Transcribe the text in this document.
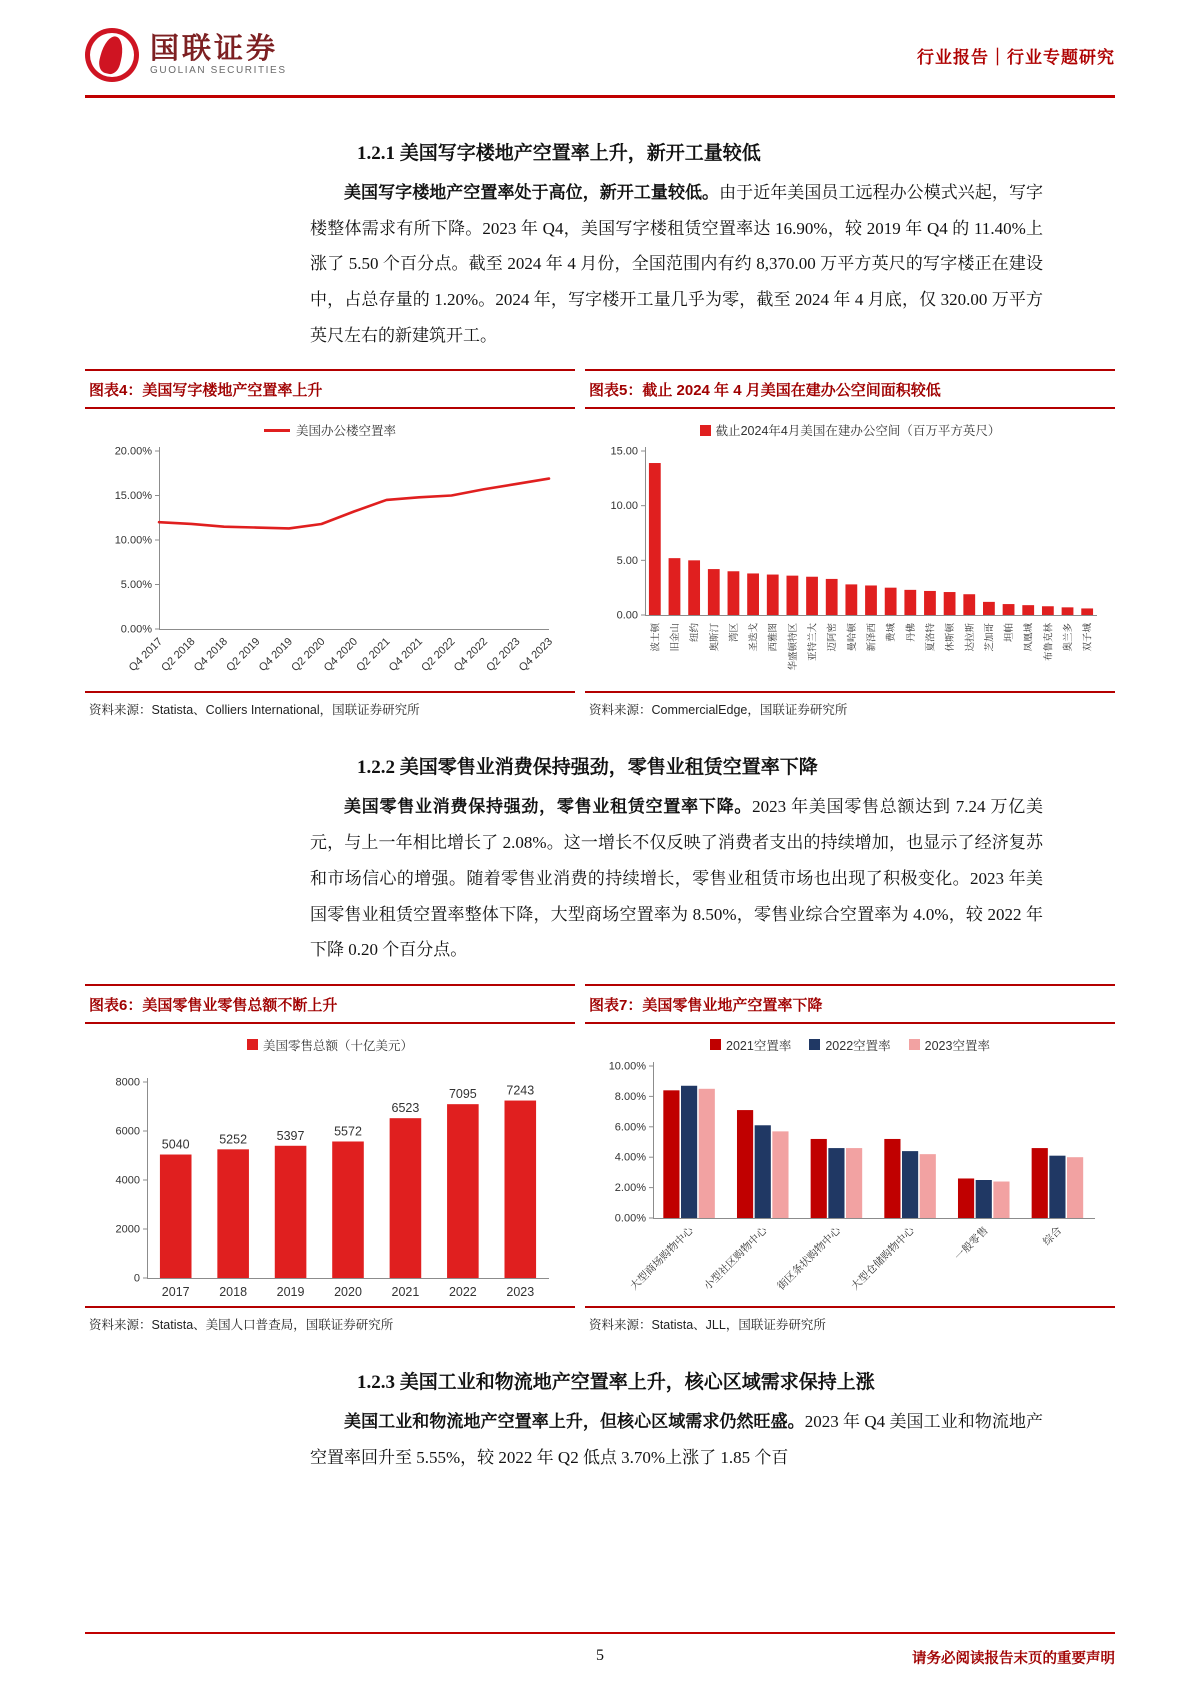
国联证券
GUOLIAN SECURITIES
行业报告｜行业专题研究
1.2.1 美国写字楼地产空置率上升，新开工量较低

美国写字楼地产空置率处于高位，新开工量较低。由于近年美国员工远程办公模式兴起，写字楼整体需求有所下降。2023 年 Q4，美国写字楼租赁空置率达 16.90%，较 2019 年 Q4 的 11.40%上涨了 5.50 个百分点。截至 2024 年 4 月份，全国范围内有约 8,370.00 万平方英尺的写字楼正在建设中，占总存量的 1.20%。2024 年，写字楼开工量几乎为零，截至 2024 年 4 月底，仅 320.00 万平方英尺左右的新建筑开工。

图表4：美国写字楼地产空置率上升
美国办公楼空置率
0.00%
5.00%
10.00%
15.00%
20.00%
Q4 2017
Q2 2018
Q4 2018
Q2 2019
Q4 2019
Q2 2020
Q4 2020
Q2 2021
Q4 2021
Q2 2022
Q4 2022
Q2 2023
Q4 2023
资料来源：Statista、Colliers International，国联证券研究所
图表5：截止 2024 年 4 月美国在建办公空间面积较低
截止2024年4月美国在建办公空间（百万平方英尺）
0.00
5.00
10.00
15.00
波士顿 旧金山 纽约 奥斯汀 湾区 圣迭戈 西雅图 华盛顿特区 亚特兰大 迈阿密 曼哈顿 新泽西 费城 丹佛 夏洛特 休斯顿 达拉斯 芝加哥 坦帕 凤凰城 布鲁克林 奥兰多 双子城
资料来源：CommercialEdge，国联证券研究所
1.2.2 美国零售业消费保持强劲，零售业租赁空置率下降

美国零售业消费保持强劲，零售业租赁空置率下降。2023 年美国零售总额达到 7.24 万亿美元，与上一年相比增长了 2.08%。这一增长不仅反映了消费者支出的持续增加，也显示了经济复苏和市场信心的增强。随着零售业消费的持续增长，零售业租赁市场也出现了积极变化。2023 年美国零售业租赁空置率整体下降，大型商场空置率为 8.50%，零售业综合空置率为 4.0%，较 2022 年下降 0.20 个百分点。

图表6：美国零售业零售总额不断上升
美国零售总额（十亿美元）
0
2000
4000
6000
8000
2017 2018 2019 2020 2021 2022 2023
5040 5252 5397 5572
6523
7095 7243
资料来源：Statista、美国人口普查局，国联证券研究所
图表7：美国零售业地产空置率下降
2021空置率	2022空置率	2023空置率
0.00%
2.00%
4.00%
6.00%
8.00%
10.00%
大型商场购物中心 小型社区购物中心 街区条状购物中心 大型仓储购物中心	一般零售	综合
资料来源：Statista、JLL，国联证券研究所
1.2.3 美国工业和物流地产空置率上升，核心区域需求保持上涨

美国工业和物流地产空置率上升，但核心区域需求仍然旺盛。2023 年 Q4 美国工业和物流地产空置率回升至 5.55%，较 2022 年 Q2 低点 3.70%上涨了 1.85 个百

5	请务必阅读报告末页的重要声明
